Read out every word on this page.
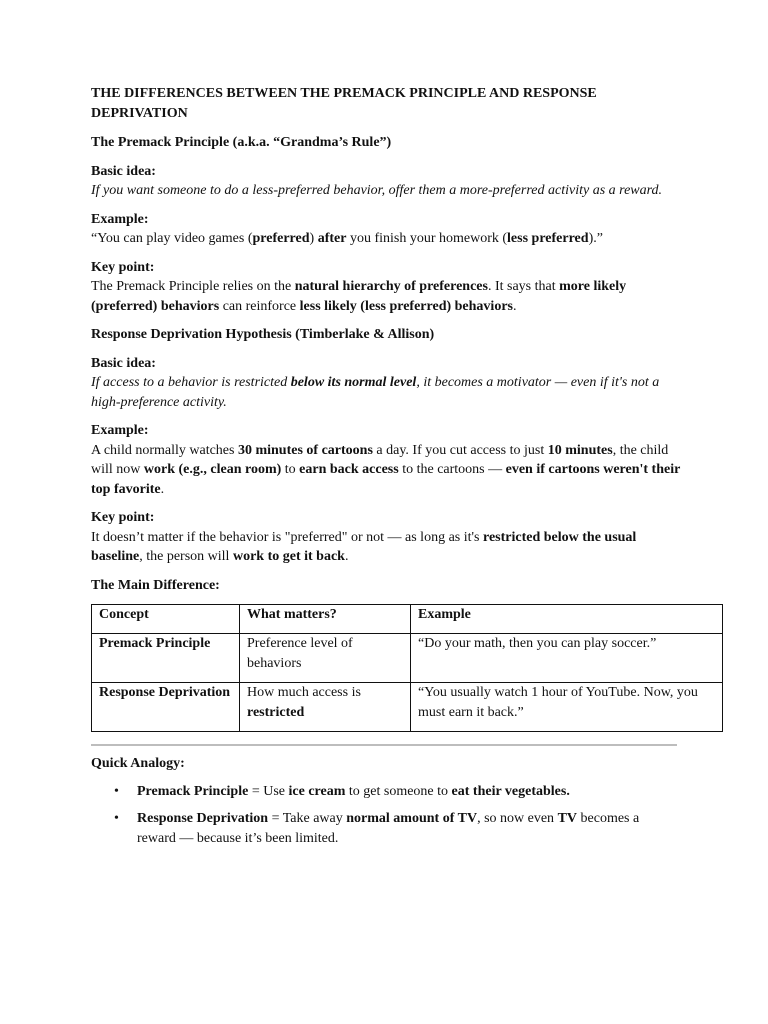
THE DIFFERENCES BETWEEN THE PREMACK PRINCIPLE AND RESPONSE DEPRIVATION

The Premack Principle (a.k.a. “Grandma’s Rule”)

Basic idea:

If you want someone to do a less-preferred behavior, offer them a more-preferred activity as a reward.

Example:

“You can play video games (preferred) after you finish your homework (less preferred).”

Key point:

The Premack Principle relies on the natural hierarchy of preferences. It says that more likely (preferred) behaviors can reinforce less likely (less preferred) behaviors.

Response Deprivation Hypothesis (Timberlake & Allison)

Basic idea:

If access to a behavior is restricted below its normal level, it becomes a motivator — even if it's not a high-preference activity.

Example:

A child normally watches 30 minutes of cartoons a day. If you cut access to just 10 minutes, the child will now work (e.g., clean room) to earn back access to the cartoons — even if cartoons weren't their top favorite.

Key point:

It doesn’t matter if the behavior is "preferred" or not — as long as it's restricted below the usual baseline, the person will work to get it back.

The Main Difference:

Concept	What matters?	Example
Premack Principle	Preference level of behaviors	“Do your math, then you can play soccer.”
Response Deprivation	How much access is restricted	“You usually watch 1 hour of YouTube. Now, you must earn it back.”

Quick Analogy:

• Premack Principle = Use ice cream to get someone to eat their vegetables.
• Response Deprivation = Take away normal amount of TV, so now even TV becomes a reward — because it’s been limited.
